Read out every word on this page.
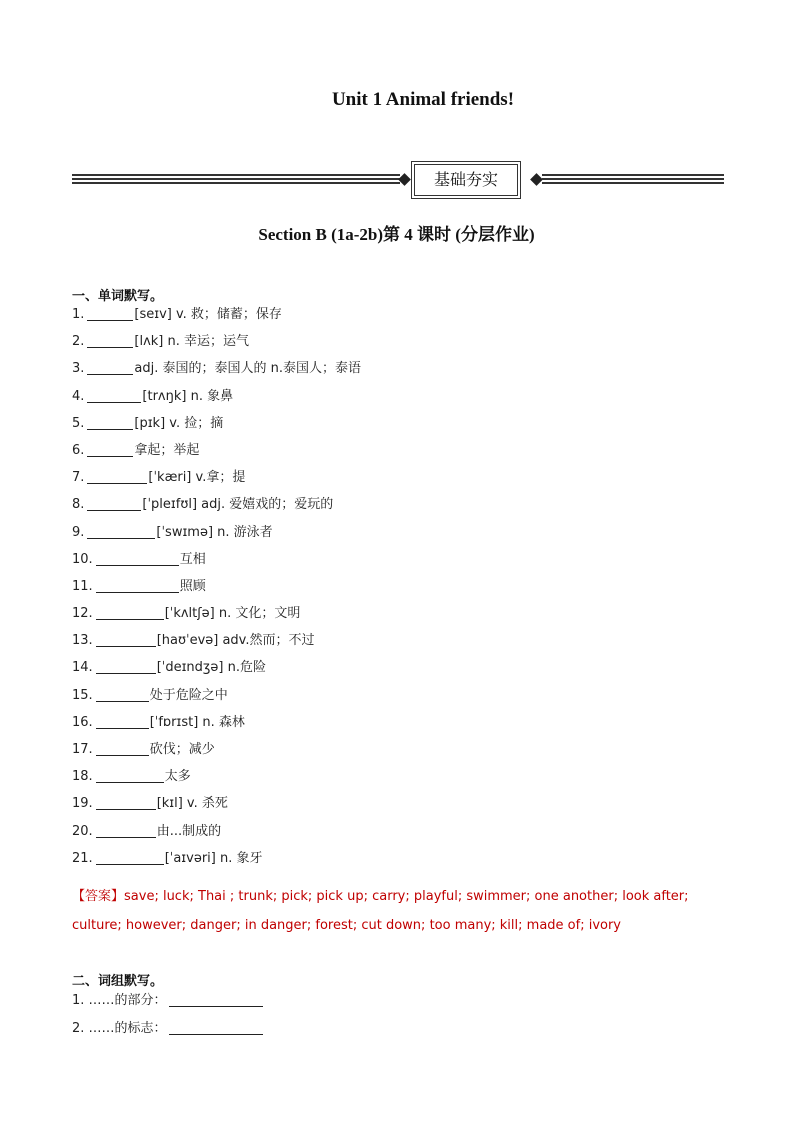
Unit 1 Animal friends!
基础夯实
Section B (1a-2b)第 4 课时 (分层作业)
一、单词默写。
1.	[seɪv] v. 救；储蓄；保存
2.	[lʌk] n. 幸运；运气
3.	adj. 泰国的；泰国人的 n.泰国人；泰语
4.	[trʌŋk] n. 象鼻
5.	[pɪk] v. 捡；摘
6.	拿起；举起
7.	[ˈkæri] v.拿；提
8.	[ˈpleɪfʊl] adj. 爱嬉戏的；爱玩的
9.	[ˈswɪmə] n. 游泳者
10.	互相
11.	照顾
12.	[ˈkʌltʃə] n. 文化；文明
13.	[haʊˈevə] adv.然而；不过
14.	[ˈdeɪndʒə] n.危险
15.	处于危险之中
16.	[ˈfɒrɪst] n. 森林
17.	砍伐；减少
18.	太多
19.	[kɪl] v. 杀死
20.	由...制成的
21.	[ˈaɪvəri] n. 象牙
【答案】save; luck; Thai ; trunk; pick; pick up; carry; playful; swimmer; one another; look after; culture; however; danger; in danger; forest; cut down; too many; kill; made of; ivory
二、词组默写。
1.
……的部分：
2.
……的标志：
